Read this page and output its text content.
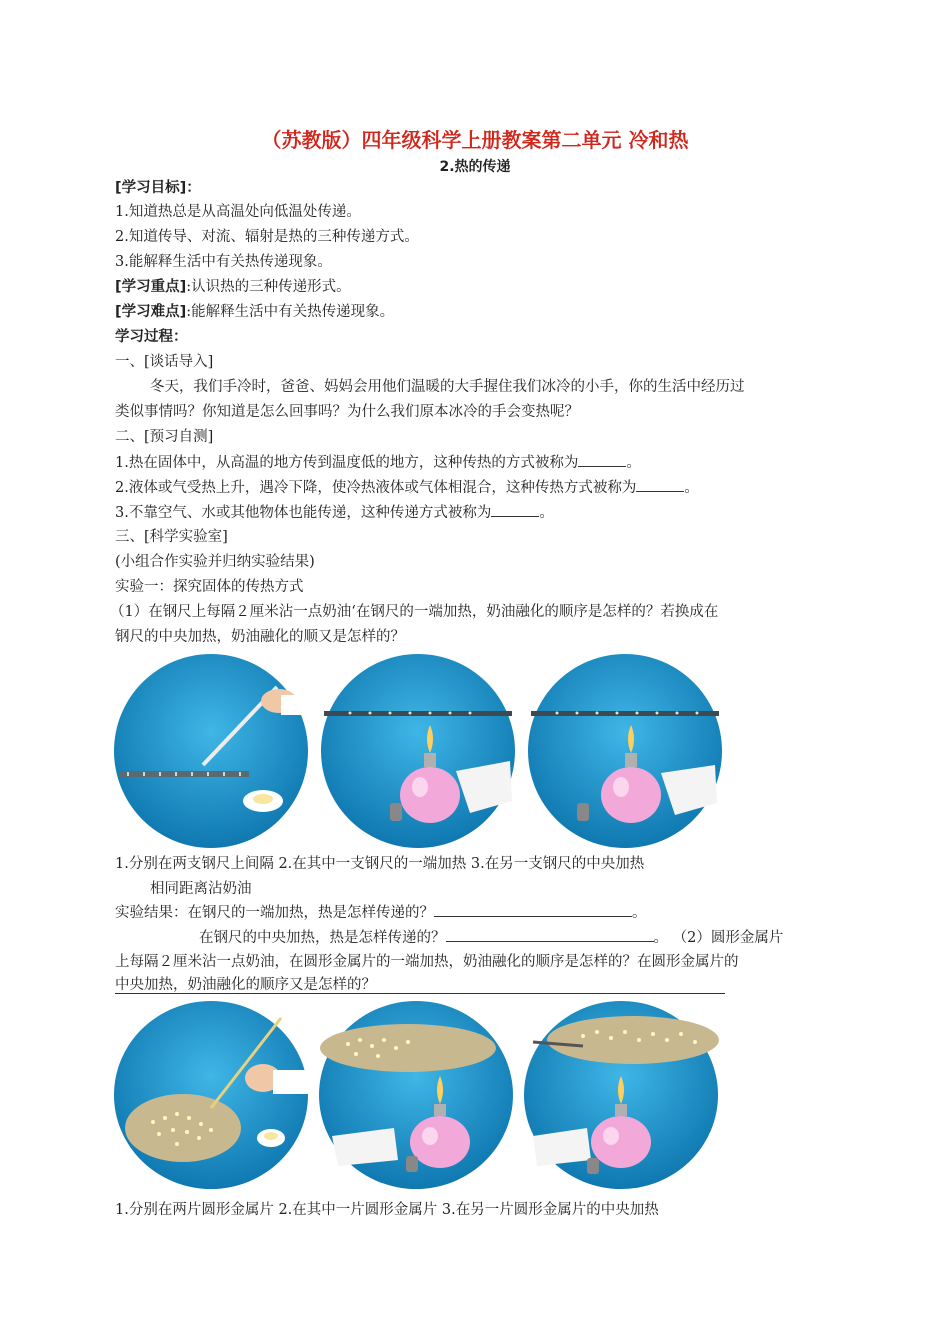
（苏教版）四年级科学上册教案第二单元 冷和热
2.热的传递
[学习目标]：
1.知道热总是从高温处向低温处传递。
2.知道传导、对流、辐射是热的三种传递方式。
3.能解释生活中有关热传递现象。
[学习重点]:认识热的三种传递形式。
[学习难点]:能解释生活中有关热传递现象。
学习过程：
一、[谈话导入]
冬天，我们手冷时，爸爸、妈妈会用他们温暖的大手握住我们冰冷的小手，你的生活中经历过
类似事情吗？你知道是怎么回事吗？为什么我们原本冰冷的手会变热呢？
二、[预习自测]
1.热在固体中，从高温的地方传到温度低的地方，这种传热的方式被称为	。
2.液体或气受热上升，遇冷下降，使冷热液体或气体相混合，这种传热方式被称为	。
3.不靠空气、水或其他物体也能传递，这种传递方式被称为	。
三、[科学实验室]
(小组合作实验并归纳实验结果)
实验一：探究固体的传热方式
（1）在钢尺上每隔２厘米沾一点奶油‘在钢尺的一端加热，奶油融化的顺序是怎样的？若换成在
钢尺的中央加热，奶油融化的顺又是怎样的？
1.分别在两支钢尺上间隔 2.在其中一支钢尺的一端加热 3.在另一支钢尺的中央加热
相同距离沾奶油
实验结果：在钢尺的一端加热，热是怎样传递的？	。
在钢尺的中央加热，热是怎样传递的？	。 （2）圆形金属片
上每隔２厘米沾一点奶油，在圆形金属片的一端加热，奶油融化的顺序是怎样的？在圆形金属片的
中央加热，奶油融化的顺序又是怎样的？
1.分别在两片圆形金属片 2.在其中一片圆形金属片 3.在另一片圆形金属片的中央加热
